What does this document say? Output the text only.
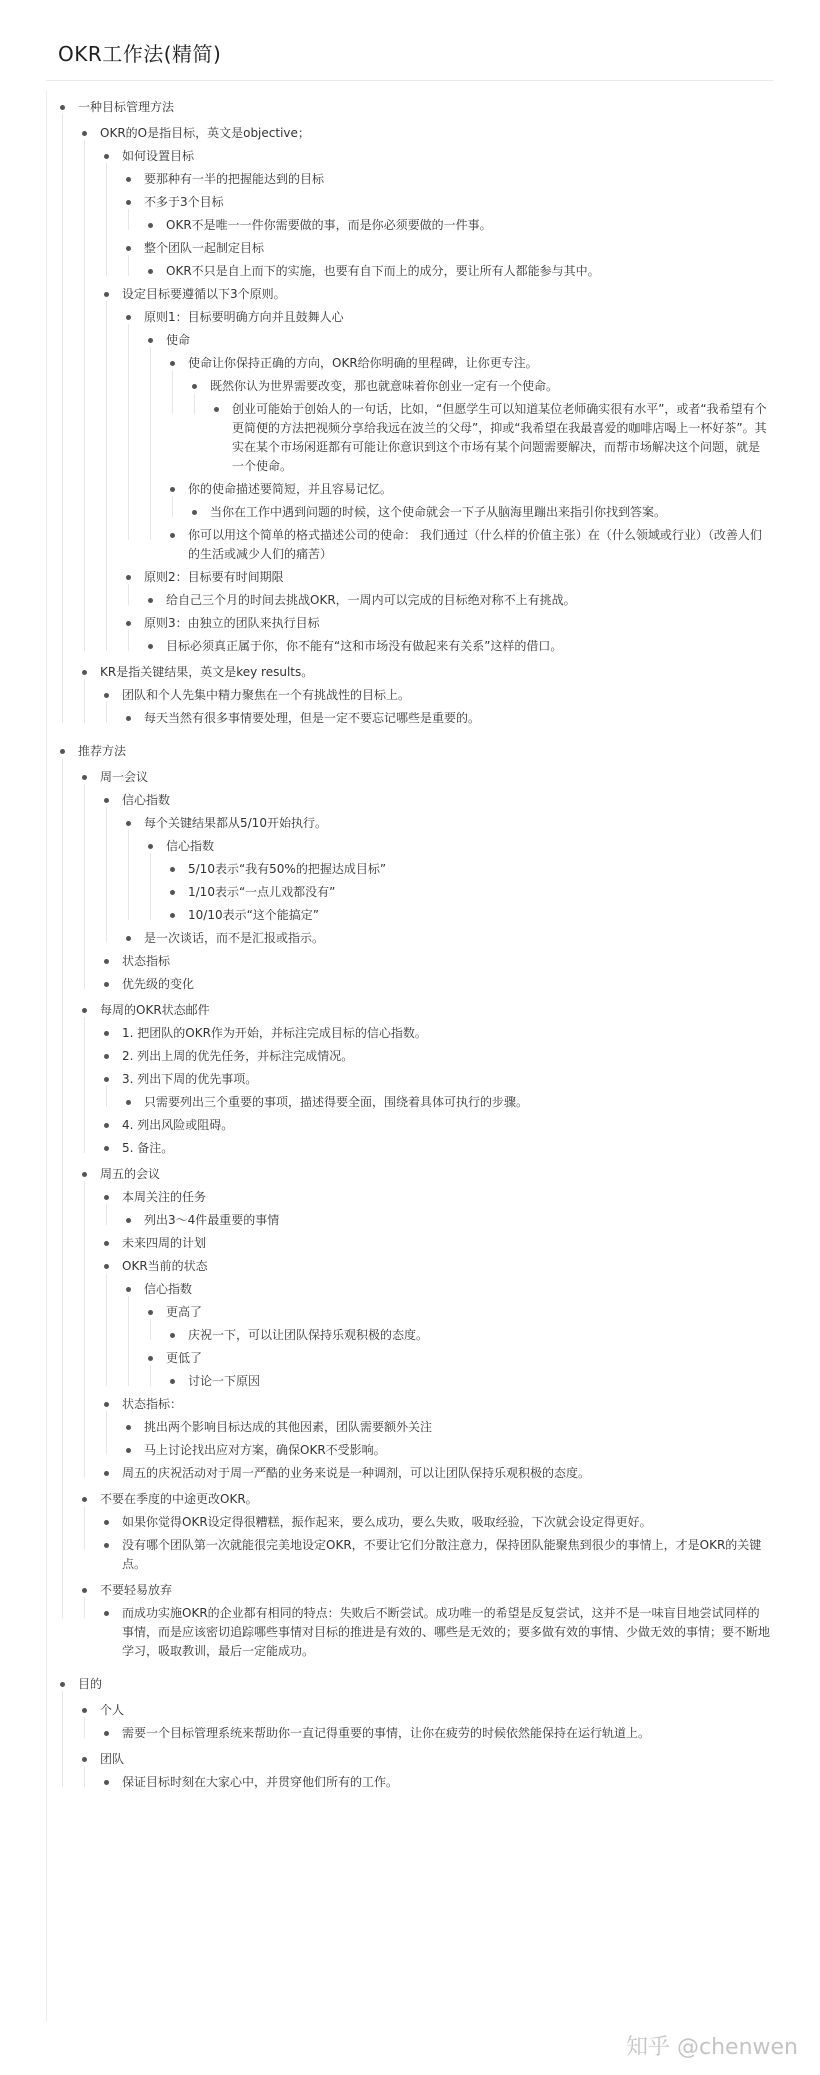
OKR工作法(精简)
一种目标管理方法
OKR的O是指目标，英文是objective；
如何设置目标
要那种有一半的把握能达到的目标
不多于3个目标
OKR不是唯一一件你需要做的事，而是你必须要做的一件事。
整个团队一起制定目标
OKR不只是自上而下的实施，也要有自下而上的成分，要让所有人都能参与其中。
设定目标要遵循以下3个原则。
原则1：目标要明确方向并且鼓舞人心
使命
使命让你保持正确的方向，OKR给你明确的里程碑，让你更专注。
既然你认为世界需要改变，那也就意味着你创业一定有一个使命。
创业可能始于创始人的一句话，比如，“但愿学生可以知道某位老师确实很有水平”，或者“我希望有个更简便的方法把视频分享给我远在波兰的父母”，抑或“我希望在我最喜爱的咖啡店喝上一杯好茶”。其实在某个市场闲逛都有可能让你意识到这个市场有某个问题需要解决，而帮市场解决这个问题，就是一个使命。
你的使命描述要简短，并且容易记忆。
当你在工作中遇到问题的时候，这个使命就会一下子从脑海里蹦出来指引你找到答案。
你可以用这个简单的格式描述公司的使命： 我们通过（什么样的价值主张）在（什么领域或行业）（改善人们的生活或减少人们的痛苦）
原则2：目标要有时间期限
给自己三个月的时间去挑战OKR，一周内可以完成的目标绝对称不上有挑战。
原则3：由独立的团队来执行目标
目标必须真正属于你，你不能有“这和市场没有做起来有关系”这样的借口。
KR是指关键结果，英文是key results。
团队和个人先集中精力聚焦在一个有挑战性的目标上。
每天当然有很多事情要处理，但是一定不要忘记哪些是重要的。
推荐方法
周一会议
信心指数
每个关键结果都从5/10开始执行。
信心指数
5/10表示“我有50%的把握达成目标”
1/10表示“一点儿戏都没有”
10/10表示“这个能搞定”
是一次谈话，而不是汇报或指示。
状态指标
优先级的变化
每周的OKR状态邮件
1. 把团队的OKR作为开始，并标注完成目标的信心指数。
2. 列出上周的优先任务，并标注完成情况。
3. 列出下周的优先事项。
只需要列出三个重要的事项，描述得要全面，围绕着具体可执行的步骤。
4. 列出风险或阻碍。
5. 备注。
周五的会议
本周关注的任务
列出3～4件最重要的事情
未来四周的计划
OKR当前的状态
信心指数
更高了
庆祝一下，可以让团队保持乐观积极的态度。
更低了
讨论一下原因
状态指标：
挑出两个影响目标达成的其他因素，团队需要额外关注
马上讨论找出应对方案，确保OKR不受影响。
周五的庆祝活动对于周一严酷的业务来说是一种调剂，可以让团队保持乐观积极的态度。
不要在季度的中途更改OKR。
如果你觉得OKR设定得很糟糕，振作起来，要么成功，要么失败，吸取经验，下次就会设定得更好。
没有哪个团队第一次就能很完美地设定OKR，不要让它们分散注意力，保持团队能聚焦到很少的事情上，才是OKR的关键点。
不要轻易放弃
而成功实施OKR的企业都有相同的特点：失败后不断尝试。成功唯一的希望是反复尝试，这并不是一味盲目地尝试同样的事情，而是应该密切追踪哪些事情对目标的推进是有效的、哪些是无效的；要多做有效的事情、少做无效的事情；要不断地学习，吸取教训，最后一定能成功。
目的
个人
需要一个目标管理系统来帮助你一直记得重要的事情，让你在疲劳的时候依然能保持在运行轨道上。
团队
保证目标时刻在大家心中，并贯穿他们所有的工作。
知乎 @chenwen
